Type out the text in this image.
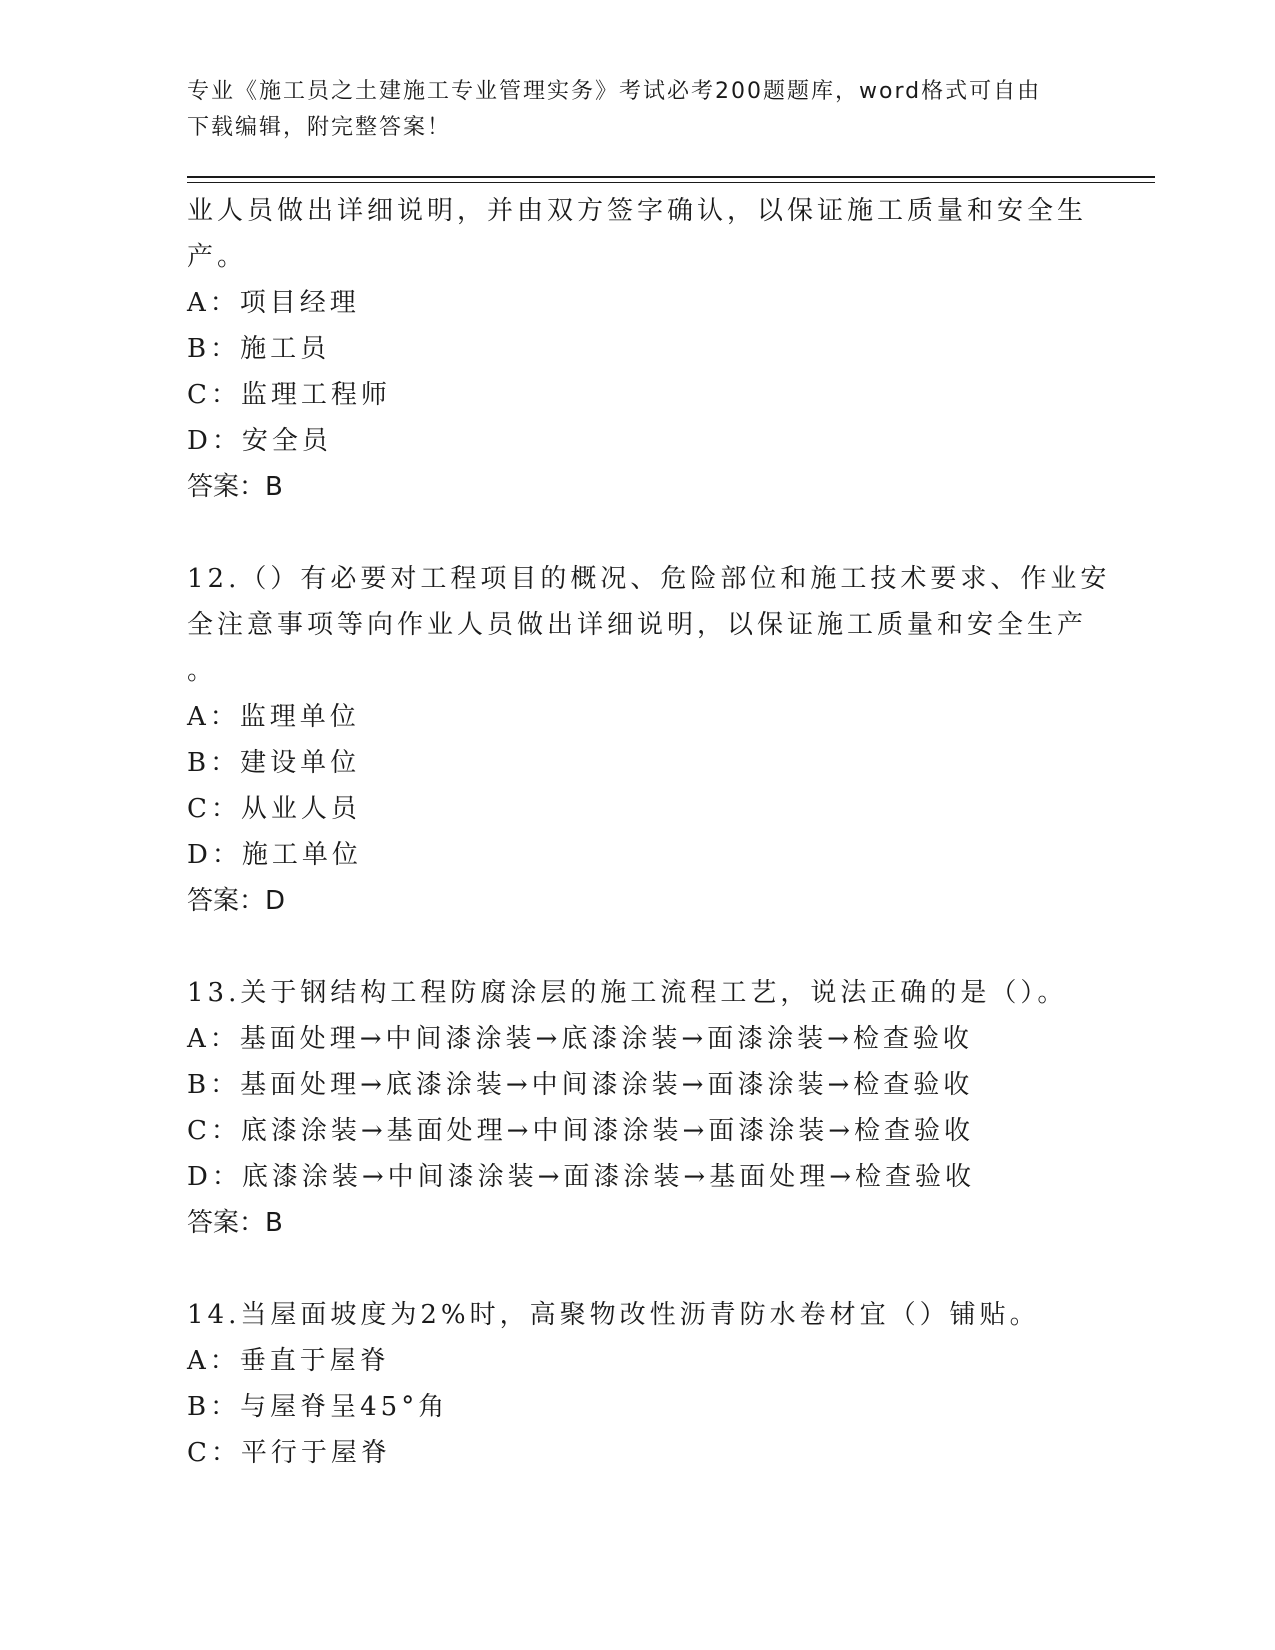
专业《施工员之土建施工专业管理实务》考试必考200题题库，word格式可自由
下载编辑，附完整答案！
业人员做出详细说明，并由双方签字确认，以保证施工质量和安全生
产。
A：项目经理
B：施工员
C：监理工程师
D：安全员
答案：B
12.（）有必要对工程项目的概况、危险部位和施工技术要求、作业安
全注意事项等向作业人员做出详细说明，以保证施工质量和安全生产
。
A：监理单位
B：建设单位
C：从业人员
D：施工单位
答案：D
13.关于钢结构工程防腐涂层的施工流程工艺，说法正确的是（）。
A：基面处理→中间漆涂装→底漆涂装→面漆涂装→检查验收
B：基面处理→底漆涂装→中间漆涂装→面漆涂装→检查验收
C：底漆涂装→基面处理→中间漆涂装→面漆涂装→检查验收
D：底漆涂装→中间漆涂装→面漆涂装→基面处理→检查验收
答案：B
14.当屋面坡度为2%时，高聚物改性沥青防水卷材宜（）铺贴。
A：垂直于屋脊
B：与屋脊呈45°角
C：平行于屋脊
